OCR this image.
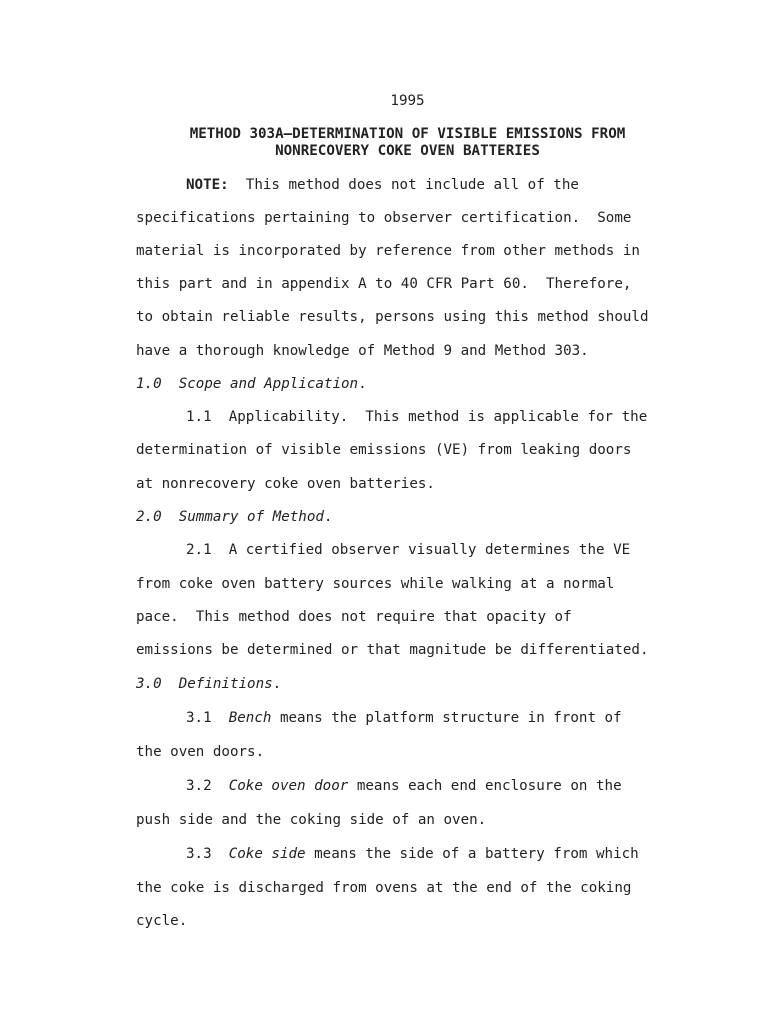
1995
METHOD 303A—DETERMINATION OF VISIBLE EMISSIONS FROM
NONRECOVERY COKE OVEN BATTERIES
NOTE:  This method does not include all of the
specifications pertaining to observer certification.  Some
material is incorporated by reference from other methods in
this part and in appendix A to 40 CFR Part 60.  Therefore,
to obtain reliable results, persons using this method should
have a thorough knowledge of Method 9 and Method 303.
1.0  Scope and Application.
1.1  Applicability.  This method is applicable for the
determination of visible emissions (VE) from leaking doors
at nonrecovery coke oven batteries.
2.0  Summary of Method.
2.1  A certified observer visually determines the VE
from coke oven battery sources while walking at a normal
pace.  This method does not require that opacity of
emissions be determined or that magnitude be differentiated.
3.0  Definitions.
3.1  Bench means the platform structure in front of
the oven doors.
3.2  Coke oven door means each end enclosure on the
push side and the coking side of an oven.
3.3  Coke side means the side of a battery from which
the coke is discharged from ovens at the end of the coking
cycle.
